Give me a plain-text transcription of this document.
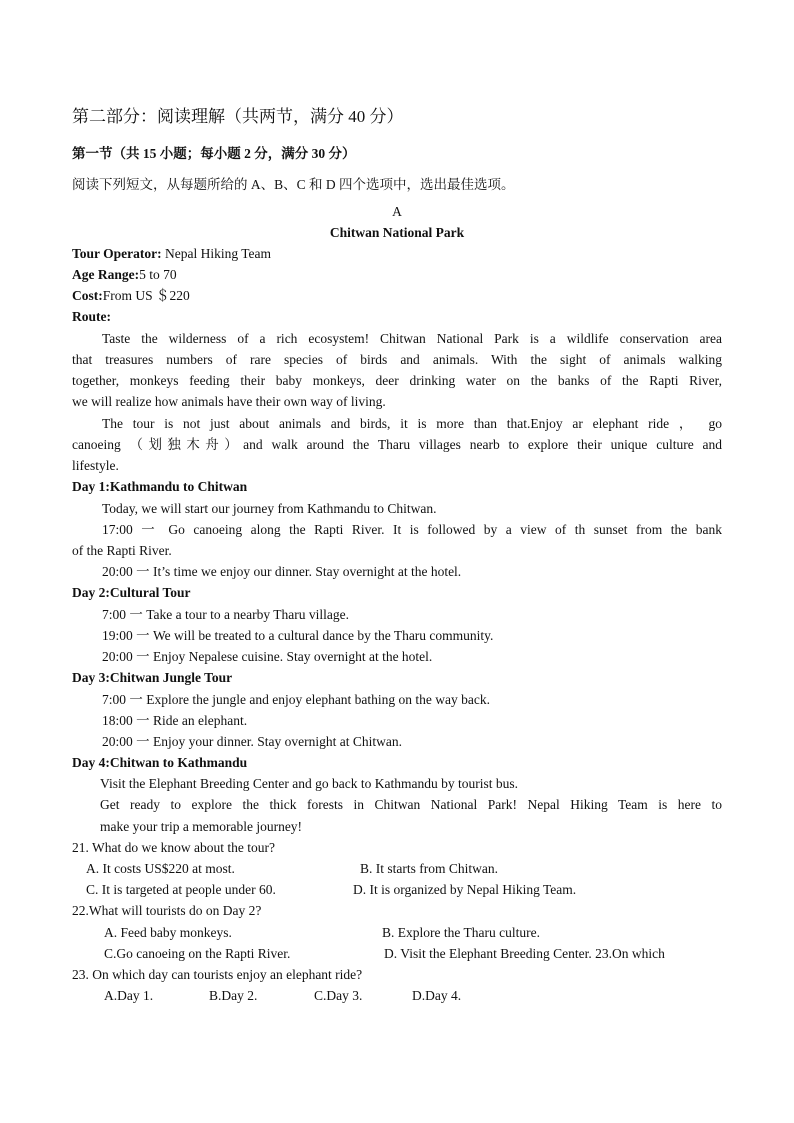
第二部分：阅读理解（共两节，满分 40 分）
第一节（共 15 小题；每小题 2 分，满分 30 分）
阅读下列短文，从每题所给的 A、B、C 和 D 四个选项中，选出最佳选项。
A
Chitwan National Park
Tour Operator: Nepal Hiking Team
Age Range:5 to 70
Cost:From US ＄220
Route:
Taste the wilderness of a rich ecosystem! Chitwan National Park is a wildlife conservation area
that treasures numbers of rare species of birds and animals. With the sight of animals walking
together, monkeys feeding their baby monkeys, deer drinking water on the banks of the Rapti River,
we will realize how animals have their own way of living.
The tour is not just about animals and birds, it is more than that.Enjoy ar elephant ride ， go
canoeing （划独木舟）and walk around the Tharu villages nearb to explore their unique culture and
lifestyle.
Day 1:Kathmandu to Chitwan
Today, we will start our journey from Kathmandu to Chitwan.
17:00 一 Go canoeing along the Rapti River. It is followed by a view of th sunset from the bank
of the Rapti River.
20:00 一 It’s time we enjoy our dinner. Stay overnight at the hotel.
Day 2:Cultural Tour
7:00 一 Take a tour to a nearby Tharu village.
19:00 一 We will be treated to a cultural dance by the Tharu community.
20:00 一 Enjoy Nepalese cuisine. Stay overnight at the hotel.
Day 3:Chitwan Jungle Tour
7:00 一 Explore the jungle and enjoy elephant bathing on the way back.
18:00 一 Ride an elephant.
20:00 一 Enjoy your dinner. Stay overnight at Chitwan.
Day 4:Chitwan to Kathmandu
Visit the Elephant Breeding Center and go back to Kathmandu by tourist bus.
Get ready to explore the thick forests in Chitwan National Park! Nepal Hiking Team is here to
make your trip a memorable journey!
21. What do we know about the tour?
A. It costs US$220 at most.	B. It starts from Chitwan.
C. It is targeted at people under 60.	D. It is organized by Nepal Hiking Team.
22.What will tourists do on Day 2?
A. Feed baby monkeys.	B. Explore the Tharu culture.
C.Go canoeing on the Rapti River.	D. Visit the Elephant Breeding Center. 23.On which
23. On which day can tourists enjoy an elephant ride?
A.Day 1.	B.Day 2.	C.Day 3.	D.Day 4.
